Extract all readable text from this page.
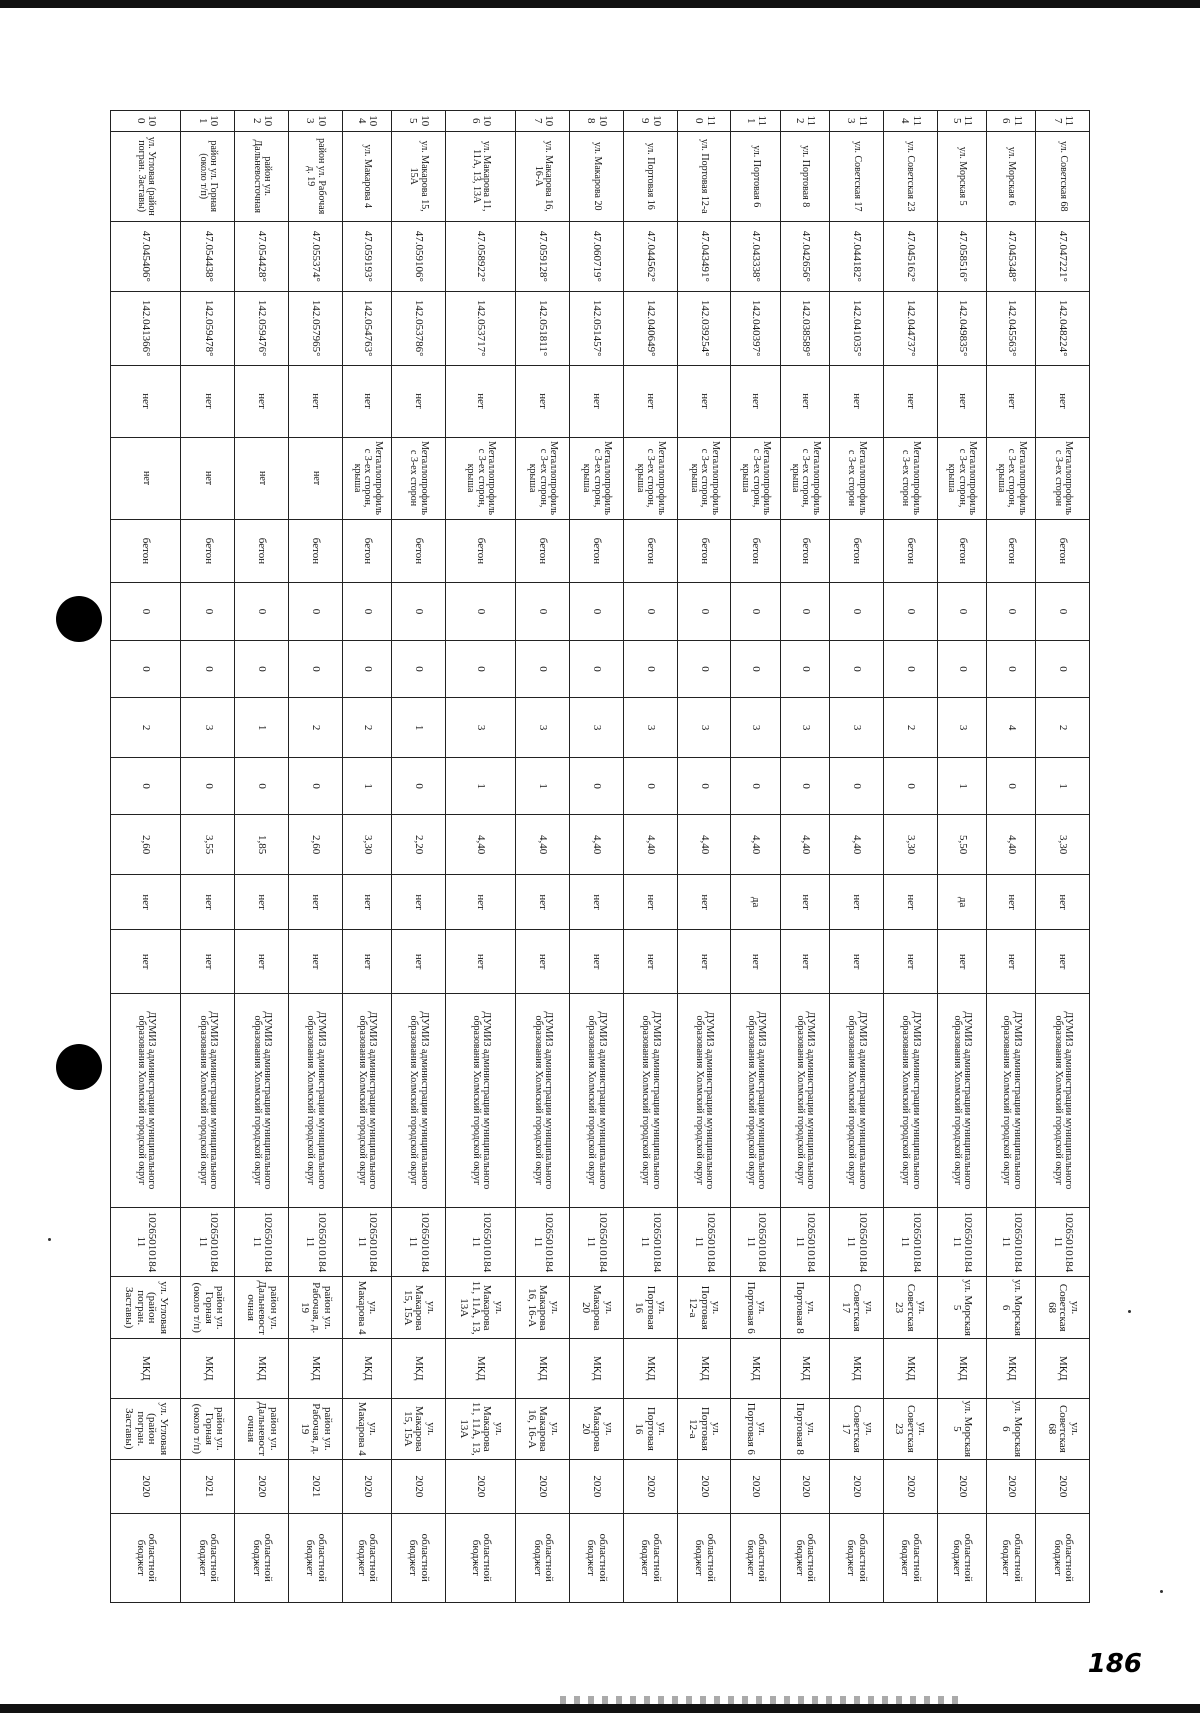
117	ул. Советская 68	47.047221°	142.048224°	нет	Металлопрофиль с 3-ех сторон	бетон	0	0	2	1	3,30	нет	нет	ДУМИЗ администрации муниципального образования Холмский городской округ	1026501018411	ул. Советская 68	МКД	ул. Советская 68	2020	областной бюджет
116	ул. Морская 6	47.045348°	142.045563°	нет	Металлопрофиль с 3-ех сторон, крыша	бетон	0	0	4	0	4,40	нет	нет	ДУМИЗ администрации муниципального образования Холмский городской округ	1026501018411	ул. Морская 6	МКД	ул. Морская 6	2020	областной бюджет
115	ул. Морская 5	47.058516°	142.049835°	нет	Металлопрофиль с 3-ех сторон, крыша	бетон	0	0	3	1	5,50	да	нет	ДУМИЗ администрации муниципального образования Холмский городской округ	1026501018411	ул. Морская 5	МКД	ул. Морская 5	2020	областной бюджет
114	ул. Советская 23	47.045162°	142.044737°	нет	Металлопрофиль с 3-ех сторон	бетон	0	0	2	0	3,30	нет	нет	ДУМИЗ администрации муниципального образования Холмский городской округ	1026501018411	ул. Советская 23	МКД	ул. Советская 23	2020	областной бюджет
113	ул. Советская 17	47.044182°	142.041035°	нет	Металлопрофиль с 3-ех сторон	бетон	0	0	3	0	4,40	нет	нет	ДУМИЗ администрации муниципального образования Холмский городской округ	1026501018411	ул. Советская 17	МКД	ул. Советская 17	2020	областной бюджет
112	ул. Портовая 8	47.042656°	142.038589°	нет	Металлопрофиль с 3-ех сторон, крыша	бетон	0	0	3	0	4,40	нет	нет	ДУМИЗ администрации муниципального образования Холмский городской округ	1026501018411	ул. Портовая 8	МКД	ул. Портовая 8	2020	областной бюджет
111	ул. Портовая 6	47.043338°	142.040397°	нет	Металлопрофиль с 3-ех сторон, крыша	бетон	0	0	3	0	4,40	да	нет	ДУМИЗ администрации муниципального образования Холмский городской округ	1026501018411	ул. Портовая 6	МКД	ул. Портовая 6	2020	областной бюджет
110	ул. Портовая 12-а	47.043491°	142.039254°	нет	Металлопрофиль с 3-ех сторон, крыша	бетон	0	0	3	0	4,40	нет	нет	ДУМИЗ администрации муниципального образования Холмский городской округ	1026501018411	ул. Портовая 12-а	МКД	ул. Портовая 12-а	2020	областной бюджет
109	ул. Портовая 16	47.044562°	142.040649°	нет	Металлопрофиль с 3-ех сторон, крыша	бетон	0	0	3	0	4,40	нет	нет	ДУМИЗ администрации муниципального образования Холмский городской округ	1026501018411	ул. Портовая 16	МКД	ул. Портовая 16	2020	областной бюджет
108	ул. Макарова 20	47.060719°	142.051457°	нет	Металлопрофиль с 3-ех сторон, крыша	бетон	0	0	3	0	4,40	нет	нет	ДУМИЗ администрации муниципального образования Холмский городской округ	1026501018411	ул. Макарова 20	МКД	ул. Макарова 20	2020	областной бюджет
107	ул. Макарова 16, 16-А	47.059128°	142.051811°	нет	Металлопрофиль с 3-ех сторон, крыша	бетон	0	0	3	1	4,40	нет	нет	ДУМИЗ администрации муниципального образования Холмский городской округ	1026501018411	ул. Макарова 16, 16-А	МКД	ул. Макарова 16, 16-А	2020	областной бюджет
106	ул. Макарова 11, 11А, 13, 13А	47.058922°	142.053717°	нет	Металлопрофиль с 3-ех сторон, крыша	бетон	0	0	3	1	4,40	нет	нет	ДУМИЗ администрации муниципального образования Холмский городской округ	1026501018411	ул. Макарова 11, 11А, 13, 13А	МКД	ул. Макарова 11, 11А, 13, 13А	2020	областной бюджет
105	ул. Макарова 15, 15А	47.059106°	142.053786°	нет	Металлопрофиль с 3-ех сторон	бетон	0	0	1	0	2,20	нет	нет	ДУМИЗ администрации муниципального образования Холмский городской округ	1026501018411	ул. Макарова 15, 15А	МКД	ул. Макарова 15, 15А	2020	областной бюджет
104	ул. Макарова 4	47.059193°	142.054763°	нет	Металлопрофиль с 3-ех сторон, крыша	бетон	0	0	2	1	3,30	нет	нет	ДУМИЗ администрации муниципального образования Холмский городской округ	1026501018411	ул. Макарова 4	МКД	ул. Макарова 4	2020	областной бюджет
103	район ул. Рабочая д. 19	47.055374°	142.057965°	нет	нет	бетон	0	0	2	0	2,60	нет	нет	ДУМИЗ администрации муниципального образования Холмский городской округ	1026501018411	район ул. Рабочая, д. 19	МКД	район ул. Рабочая, д. 19	2021	областной бюджет
102	район ул. Дальневосточная	47.054428°	142.059476°	нет	нет	бетон	0	0	1	0	1,85	нет	нет	ДУМИЗ администрации муниципального образования Холмский городской округ	1026501018411	район ул. Дальневосточная	МКД	район ул. Дальневосточная	2020	областной бюджет
101	район ул. Горная (около т/п)	47.054438°	142.059478°	нет	нет	бетон	0	0	3	0	3,55	нет	нет	ДУМИЗ администрации муниципального образования Холмский городской округ	1026501018411	район ул. Горная (около т/п)	МКД	район ул. Горная (около т/п)	2021	областной бюджет
100	ул. Угловая (район погран. Заставы)	47.045406°	142.041366°	нет	нет	бетон	0	0	2	0	2,60	нет	нет	ДУМИЗ администрации муниципального образования Холмский городской округ	1026501018411	ул. Угловая (район погран. Заставы)	МКД	ул. Угловая (район погран. Заставы)	2020	областной бюджет
186
